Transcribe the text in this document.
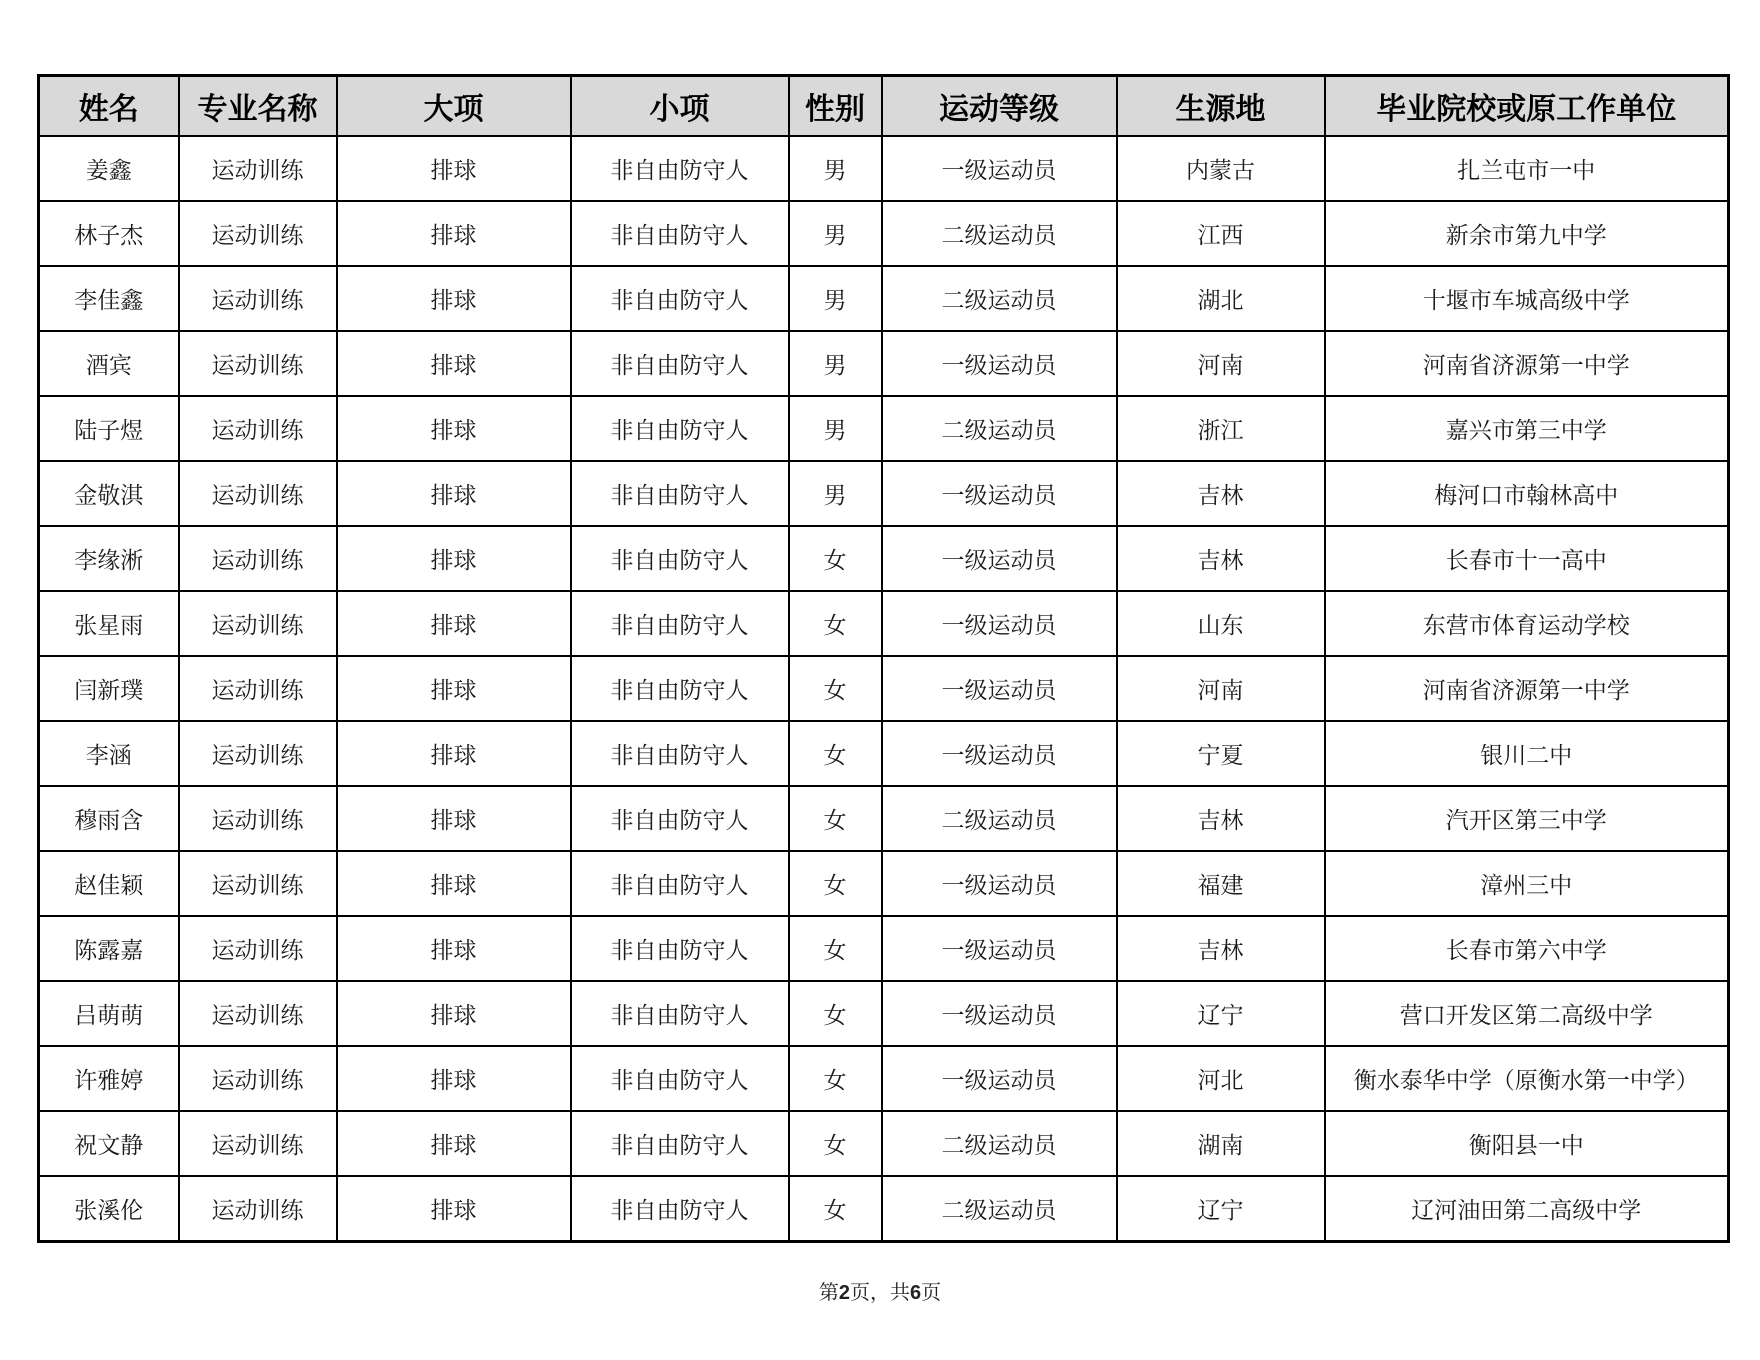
姓名	专业名称	大项	小项	性别	运动等级	生源地	毕业院校或原工作单位
姜鑫	运动训练	排球	非自由防守人	男	一级运动员	内蒙古	扎兰屯市一中
林子杰	运动训练	排球	非自由防守人	男	二级运动员	江西	新余市第九中学
李佳鑫	运动训练	排球	非自由防守人	男	二级运动员	湖北	十堰市车城高级中学
酒宾	运动训练	排球	非自由防守人	男	一级运动员	河南	河南省济源第一中学
陆子煜	运动训练	排球	非自由防守人	男	二级运动员	浙江	嘉兴市第三中学
金敬淇	运动训练	排球	非自由防守人	男	一级运动员	吉林	梅河口市翰林高中
李缘淅	运动训练	排球	非自由防守人	女	一级运动员	吉林	长春市十一高中
张星雨	运动训练	排球	非自由防守人	女	一级运动员	山东	东营市体育运动学校
闫新璞	运动训练	排球	非自由防守人	女	一级运动员	河南	河南省济源第一中学
李涵	运动训练	排球	非自由防守人	女	一级运动员	宁夏	银川二中
穆雨含	运动训练	排球	非自由防守人	女	二级运动员	吉林	汽开区第三中学
赵佳颖	运动训练	排球	非自由防守人	女	一级运动员	福建	漳州三中
陈露嘉	运动训练	排球	非自由防守人	女	一级运动员	吉林	长春市第六中学
吕萌萌	运动训练	排球	非自由防守人	女	一级运动员	辽宁	营口开发区第二高级中学
许雅婷	运动训练	排球	非自由防守人	女	一级运动员	河北	衡水泰华中学（原衡水第一中学）
祝文静	运动训练	排球	非自由防守人	女	二级运动员	湖南	衡阳县一中
张溪伦	运动训练	排球	非自由防守人	女	二级运动员	辽宁	辽河油田第二高级中学
第2页，共6页
